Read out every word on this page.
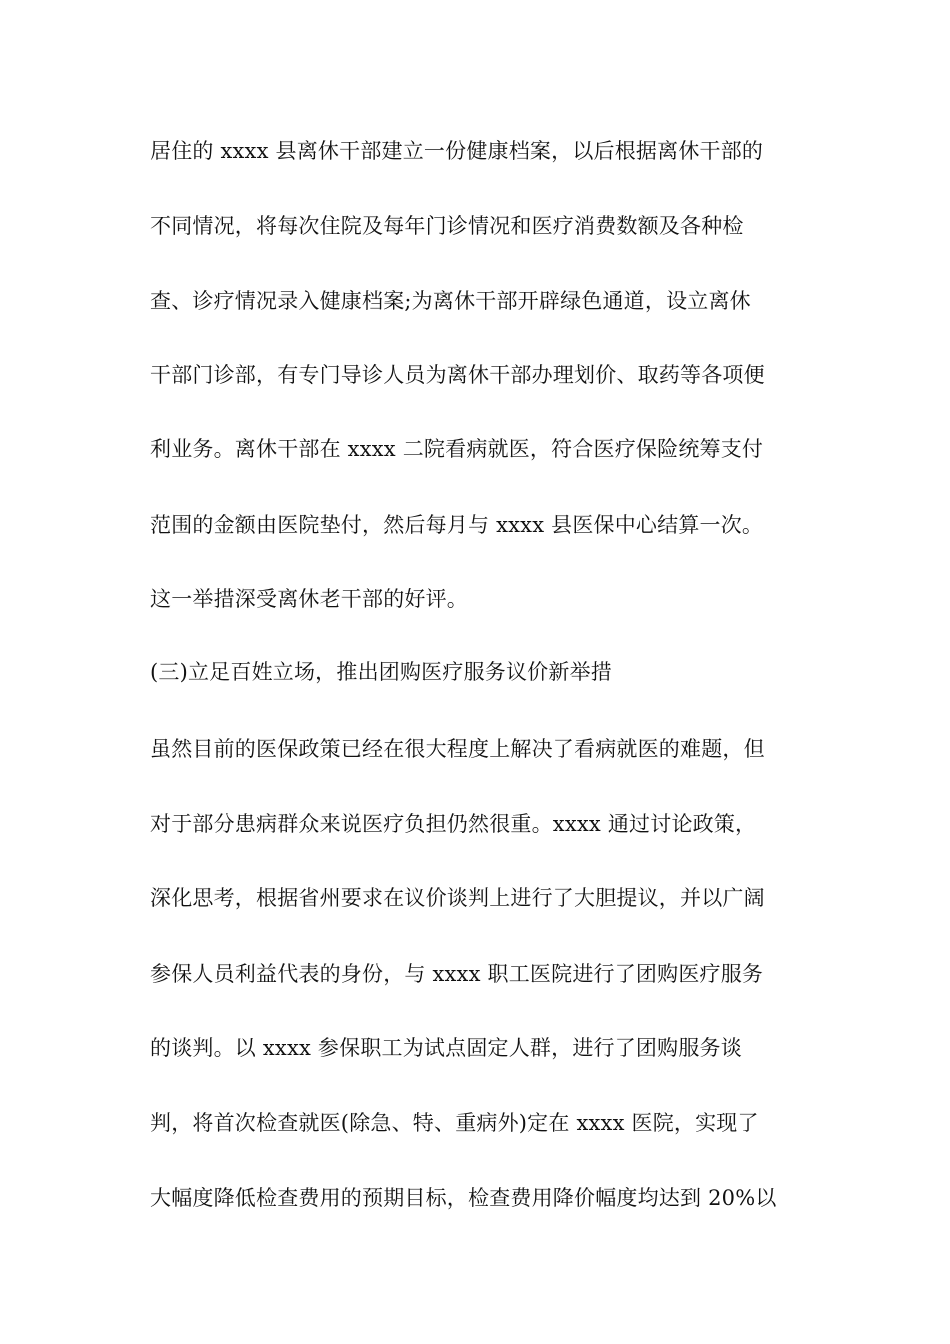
居住的 xxxx 县离休干部建立一份健康档案，以后根据离休干部的
不同情况，将每次住院及每年门诊情况和医疗消费数额及各种检
查、诊疗情况录入健康档案;为离休干部开辟绿色通道，设立离休
干部门诊部，有专门导诊人员为离休干部办理划价、取药等各项便
利业务。离休干部在 xxxx 二院看病就医，符合医疗保险统筹支付
范围的金额由医院垫付，然后每月与 xxxx 县医保中心结算一次。
这一举措深受离休老干部的好评。
(三)立足百姓立场，推出团购医疗服务议价新举措
虽然目前的医保政策已经在很大程度上解决了看病就医的难题，但
对于部分患病群众来说医疗负担仍然很重。xxxx 通过讨论政策，
深化思考，根据省州要求在议价谈判上进行了大胆提议，并以广阔
参保人员利益代表的身份，与 xxxx 职工医院进行了团购医疗服务
的谈判。以 xxxx 参保职工为试点固定人群，进行了团购服务谈
判，将首次检查就医(除急、特、重病外)定在 xxxx 医院，实现了
大幅度降低检查费用的预期目标，检查费用降价幅度均达到 20%以
